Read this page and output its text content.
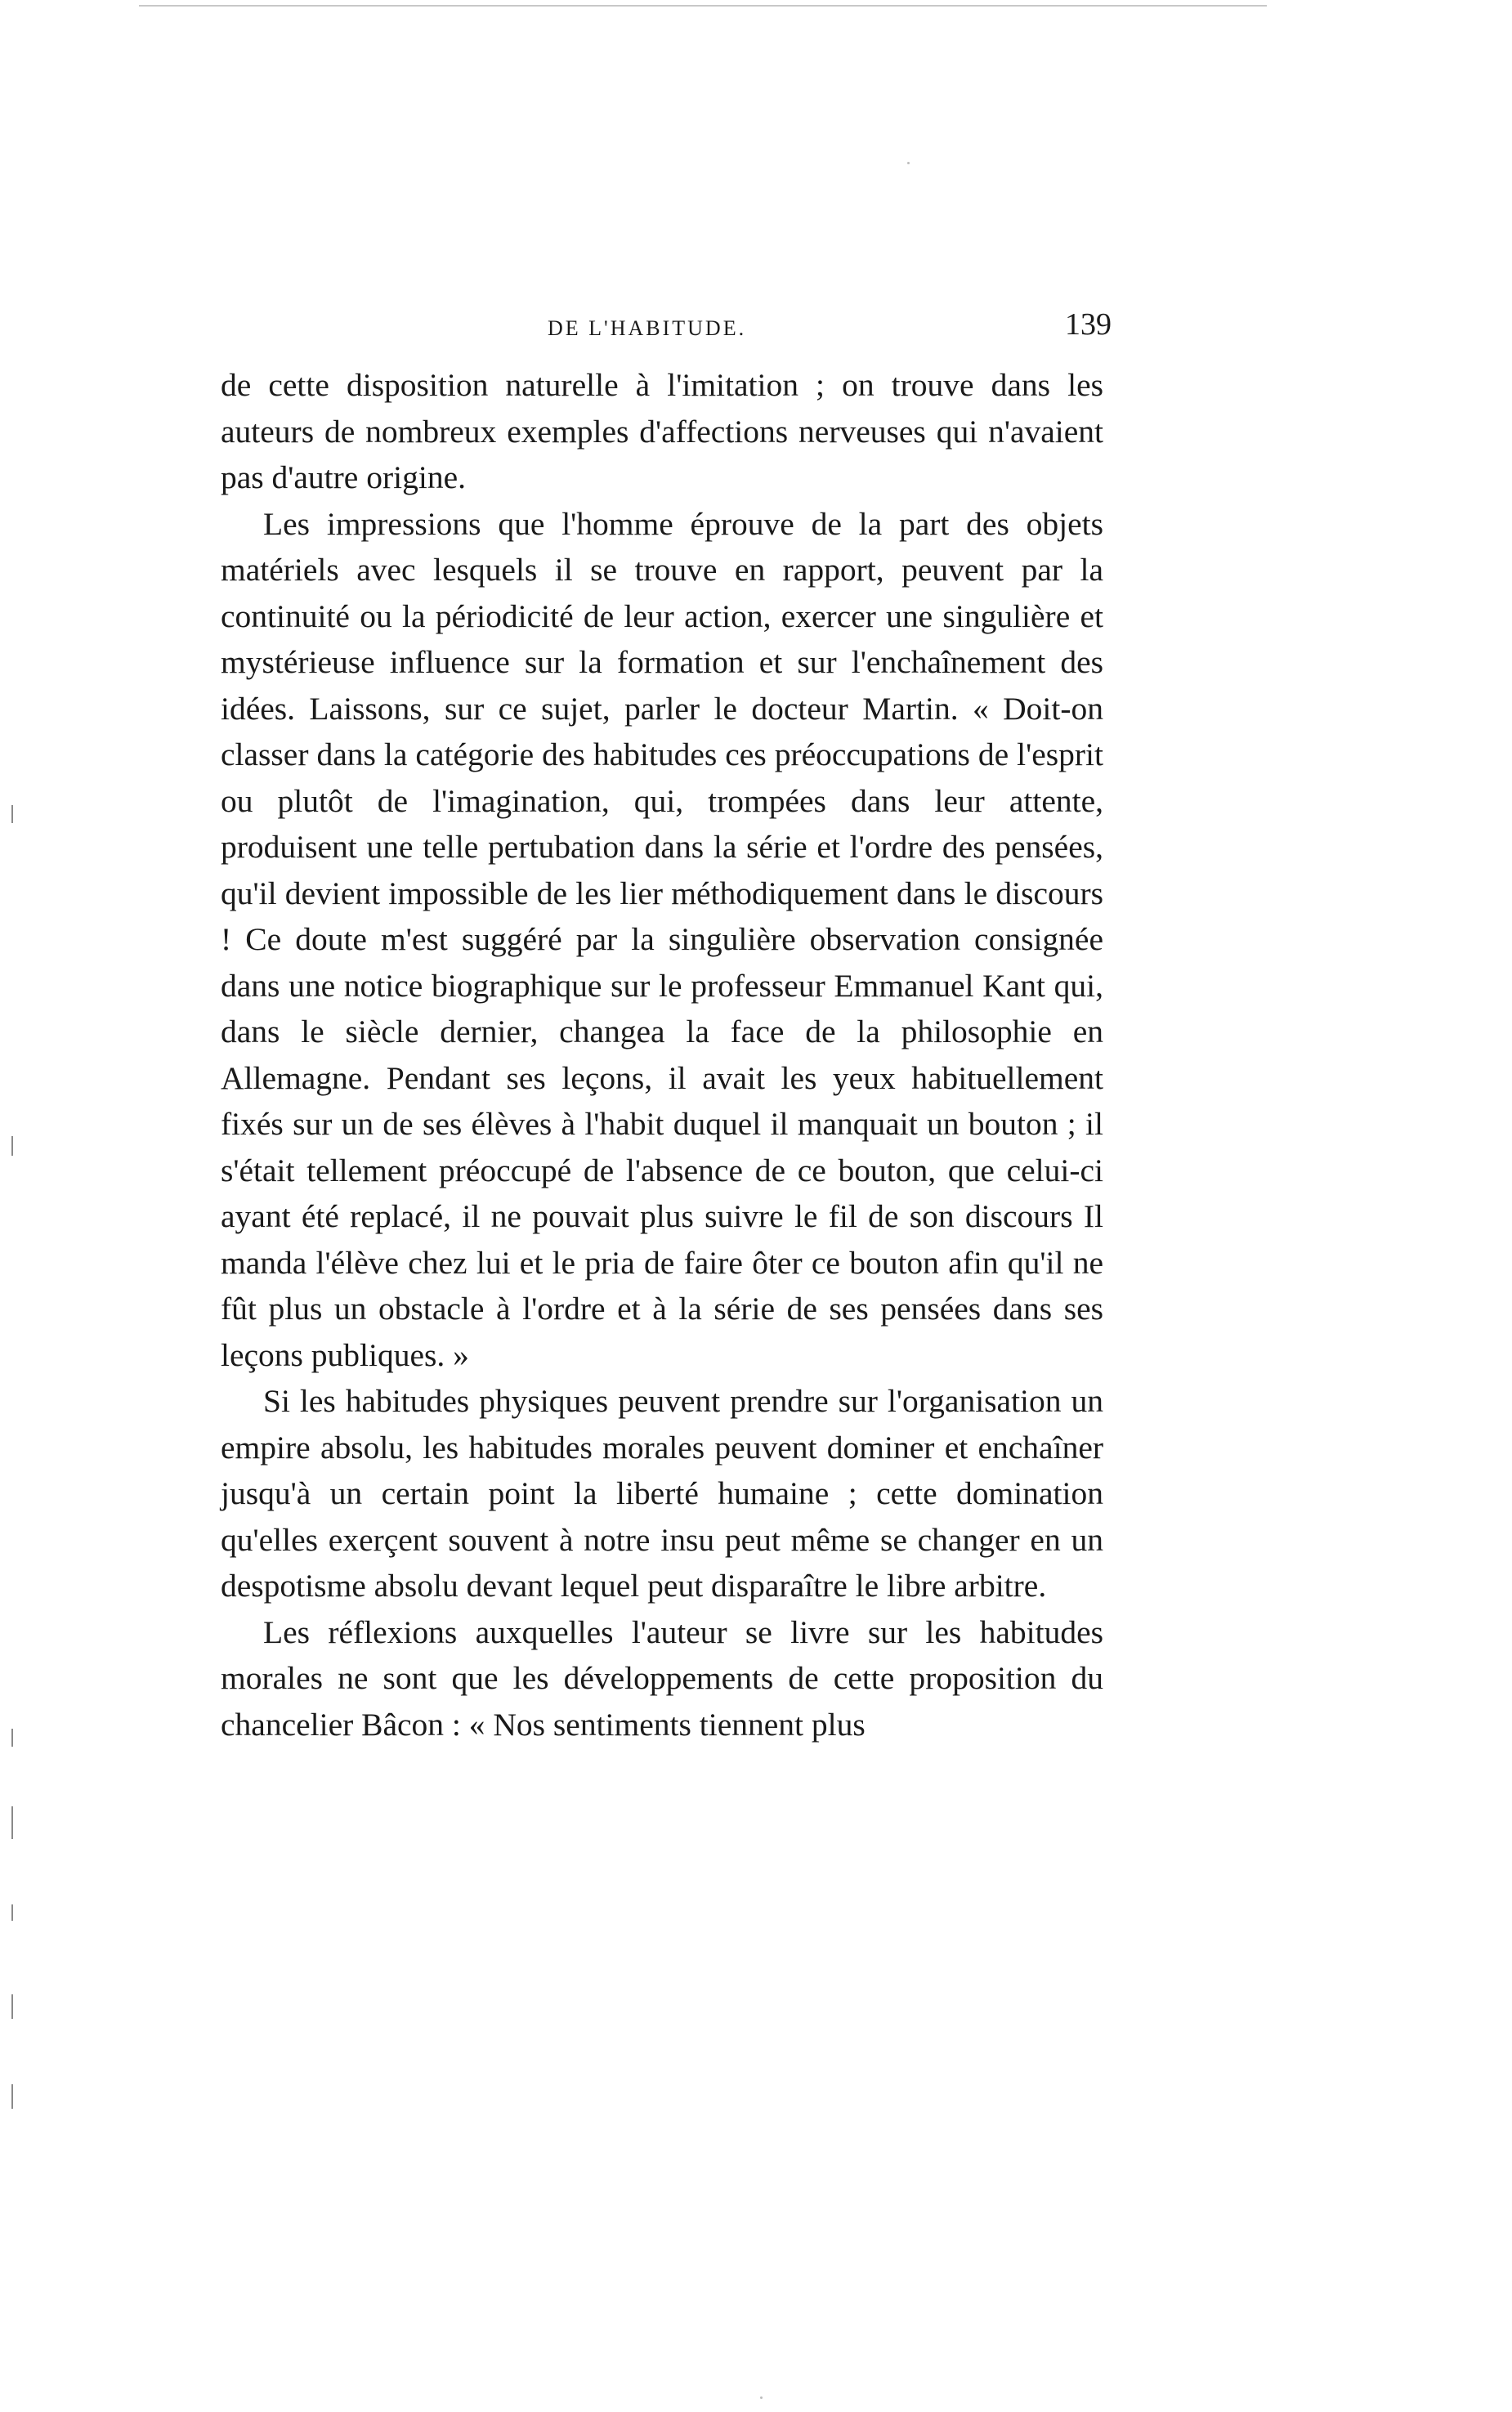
DE L'HABITUDE.	139

de cette disposition naturelle à l'imitation ; on trouve dans les auteurs de nombreux exemples d'affections nerveuses qui n'avaient pas d'autre origine.

Les impressions que l'homme éprouve de la part des objets matériels avec lesquels il se trouve en rapport, peuvent par la continuité ou la périodicité de leur action, exercer une singulière et mystérieuse influence sur la formation et sur l'enchaînement des idées. Laissons, sur ce sujet, parler le docteur Martin. « Doit-on classer dans la catégorie des habitudes ces préoccupations de l'esprit ou plutôt de l'imagination, qui, trompées dans leur attente, produisent une telle pertubation dans la série et l'ordre des pensées, qu'il devient impossible de les lier méthodiquement dans le discours ! Ce doute m'est suggéré par la singulière observation consignée dans une notice biographique sur le professeur Emmanuel Kant qui, dans le siècle dernier, changea la face de la philosophie en Allemagne. Pendant ses leçons, il avait les yeux habituellement fixés sur un de ses élèves à l'habit duquel il manquait un bouton ; il s'était tellement préoccupé de l'absence de ce bouton, que celui-ci ayant été replacé, il ne pouvait plus suivre le fil de son discours Il manda l'élève chez lui et le pria de faire ôter ce bouton afin qu'il ne fût plus un obstacle à l'ordre et à la série de ses pensées dans ses leçons publiques. »

Si les habitudes physiques peuvent prendre sur l'organisation un empire absolu, les habitudes morales peuvent dominer et enchaîner jusqu'à un certain point la liberté humaine ; cette domination qu'elles exerçent souvent à notre insu peut même se changer en un despotisme absolu devant lequel peut disparaître le libre arbitre.

Les réflexions auxquelles l'auteur se livre sur les habitudes morales ne sont que les développements de cette proposition du chancelier Bâcon : « Nos sentiments tiennent plus
